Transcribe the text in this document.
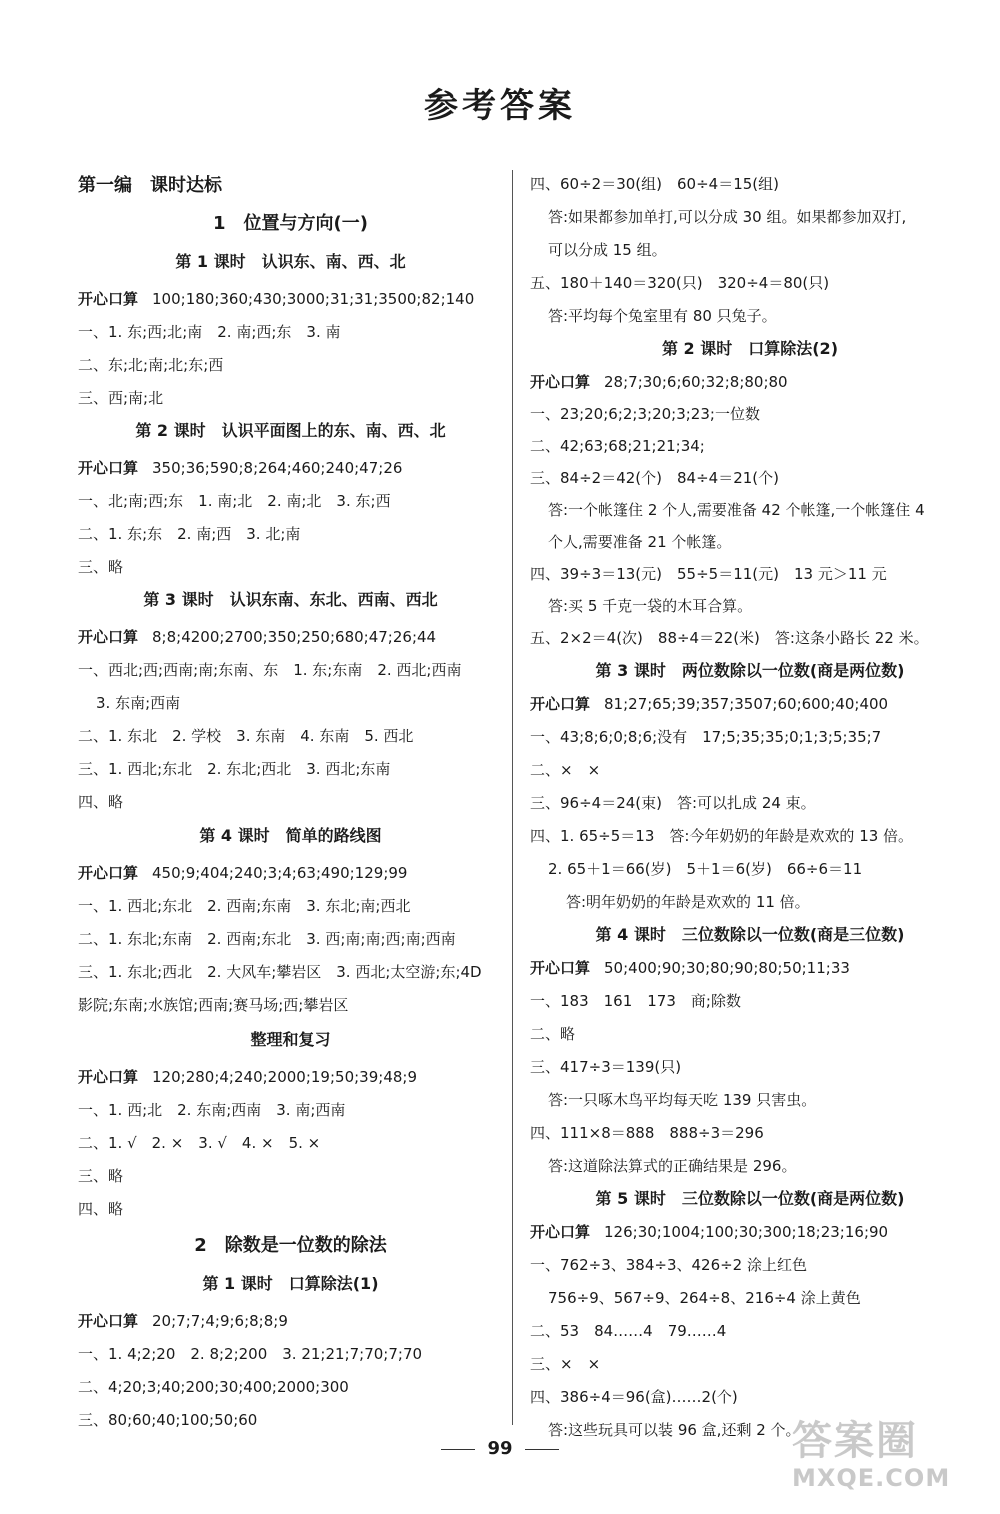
参考答案
第一编　课时达标
1　位置与方向(一)
第 1 课时　认识东、南、西、北
开心口算 100;180;360;430;3000;31;31;3500;82;140
一、1. 东;西;北;南　2. 南;西;东　3. 南
二、东;北;南;北;东;西
三、西;南;北
第 2 课时　认识平面图上的东、南、西、北
开心口算 350;36;590;8;264;460;240;47;26
一、北;南;西;东　1. 南;北　2. 南;北　3. 东;西
二、1. 东;东　2. 南;西　3. 北;南
三、略
第 3 课时　认识东南、东北、西南、西北
开心口算 8;8;4200;2700;350;250;680;47;26;44
一、西北;西;西南;南;东南、东　1. 东;东南　2. 西北;西南
3. 东南;西南
二、1. 东北　2. 学校　3. 东南　4. 东南　5. 西北
三、1. 西北;东北　2. 东北;西北　3. 西北;东南
四、略
第 4 课时　简单的路线图
开心口算 450;9;404;240;3;4;63;490;129;99
一、1. 西北;东北　2. 西南;东南　3. 东北;南;西北
二、1. 东北;东南　2. 西南;东北　3. 西;南;南;西;南;西南
三、1. 东北;西北　2. 大风车;攀岩区　3. 西北;太空游;东;4D
影院;东南;水族馆;西南;赛马场;西;攀岩区
整理和复习
开心口算 120;280;4;240;2000;19;50;39;48;9
一、1. 西;北　2. 东南;西南　3. 南;西南
二、1. √　2. ×　3. √　4. ×　5. ×
三、略
四、略
2　除数是一位数的除法
第 1 课时　口算除法(1)
开心口算 20;7;7;4;9;6;8;8;9
一、1. 4;2;20　2. 8;2;200　3. 21;21;7;70;7;70
二、4;20;3;40;200;30;400;2000;300
三、80;60;40;100;50;60
四、60÷2＝30(组)　60÷4＝15(组)
答:如果都参加单打,可以分成 30 组。如果都参加双打,
可以分成 15 组。
五、180＋140＝320(只)　320÷4＝80(只)
答:平均每个兔室里有 80 只兔子。
第 2 课时　口算除法(2)
开心口算 28;7;30;6;60;32;8;80;80
一、23;20;6;2;3;20;3;23;一位数
二、42;63;68;21;21;34;
三、84÷2＝42(个)　84÷4＝21(个)
答:一个帐篷住 2 个人,需要准备 42 个帐篷,一个帐篷住 4
个人,需要准备 21 个帐篷。
四、39÷3＝13(元)　55÷5＝11(元)　13 元＞11 元
答:买 5 千克一袋的木耳合算。
五、2×2＝4(次)　88÷4＝22(米)　答:这条小路长 22 米。
第 3 课时　两位数除以一位数(商是两位数)
开心口算 81;27;65;39;357;3507;60;600;40;400
一、43;8;6;0;8;6;没有　17;5;35;35;0;1;3;5;35;7
二、×　×
三、96÷4＝24(束)　答:可以扎成 24 束。
四、1. 65÷5＝13　答:今年奶奶的年龄是欢欢的 13 倍。
2. 65＋1＝66(岁)　5＋1＝6(岁)　66÷6＝11
答:明年奶奶的年龄是欢欢的 11 倍。
第 4 课时　三位数除以一位数(商是三位数)
开心口算 50;400;90;30;80;90;80;50;11;33
一、183　161　173　商;除数
二、略
三、417÷3＝139(只)
答:一只啄木鸟平均每天吃 139 只害虫。
四、111×8＝888　888÷3＝296
答:这道除法算式的正确结果是 296。
第 5 课时　三位数除以一位数(商是两位数)
开心口算 126;30;1004;100;30;300;18;23;16;90
一、762÷3、384÷3、426÷2 涂上红色
756÷9、567÷9、264÷8、216÷4 涂上黄色
二、53　84……4　79……4
三、×　×
四、386÷4＝96(盒)……2(个)
答:这些玩具可以装 96 盒,还剩 2 个。
99	答案圈
MXQE.COM
